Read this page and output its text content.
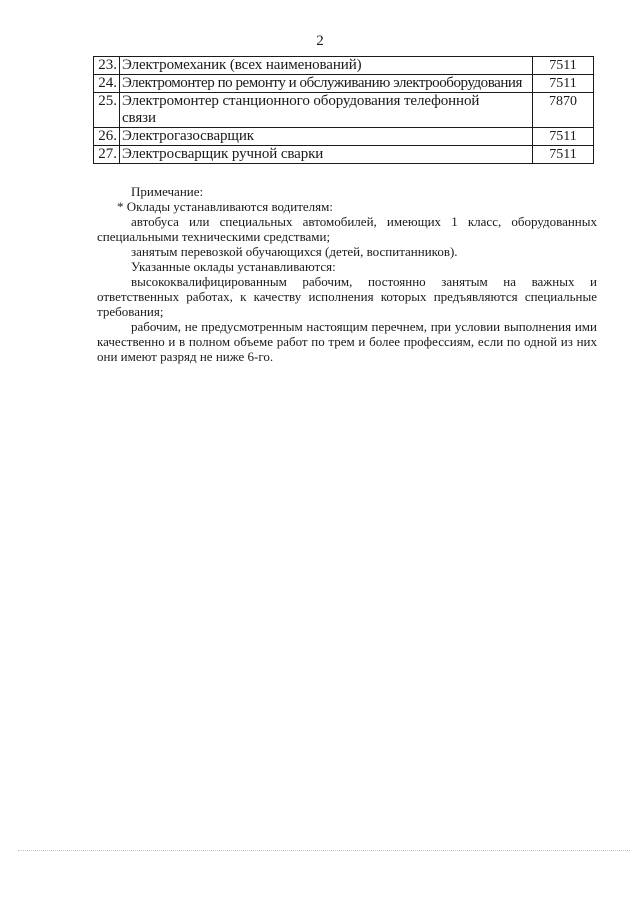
2
23.	Электромеханик (всех наименований)	7511
24.	Электромонтер по ремонту и обслуживанию электрооборудования	7511
25.	Электромонтер станционного оборудования телефонной связи	7870
26.	Электрогазосварщик	7511
27.	Электросварщик ручной сварки	7511

Примечание:

* Оклады устанавливаются водителям:

автобуса или специальных автомобилей, имеющих 1 класс, оборудованных специальными техническими средствами;

занятым перевозкой обучающихся (детей, воспитанников).

Указанные оклады устанавливаются:

высококвалифицированным рабочим, постоянно занятым на важных и ответственных работах, к качеству исполнения которых предъявляются специальные требования;

рабочим, не предусмотренным настоящим перечнем, при условии выполнения ими качественно и в полном объеме работ по трем и более профессиям, если по одной из них они имеют разряд не ниже 6-го.
